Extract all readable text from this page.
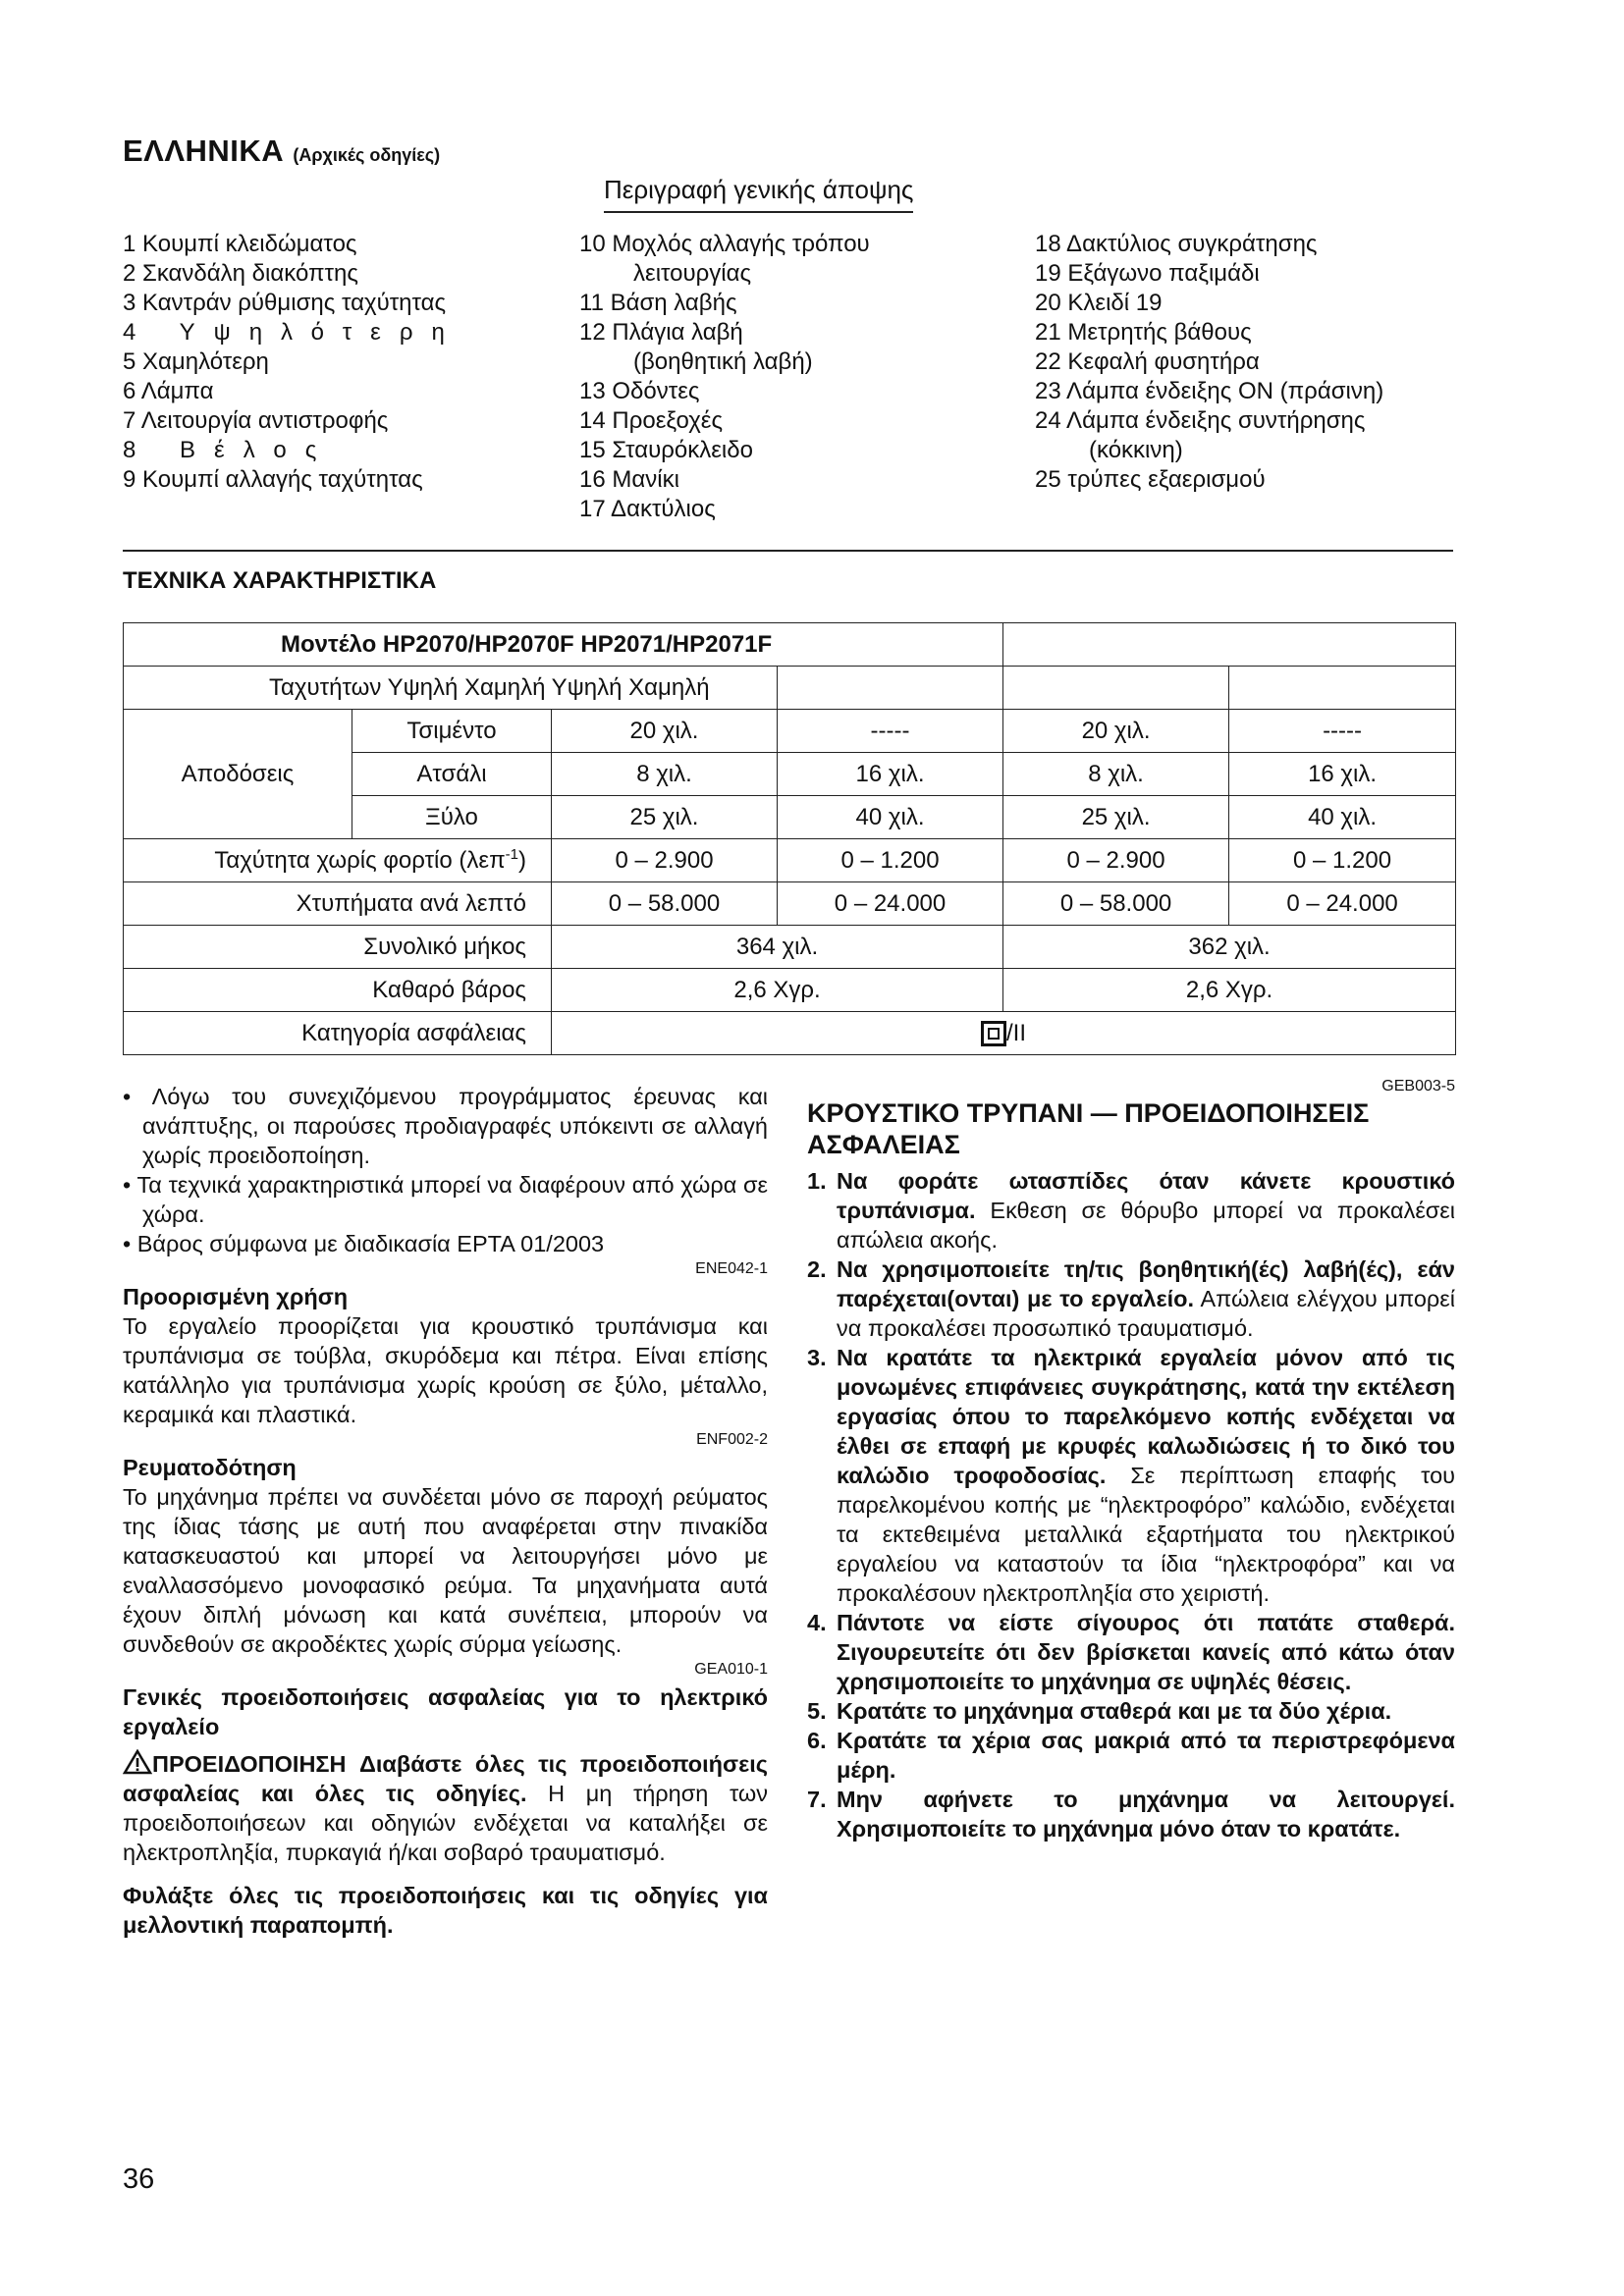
ΕΛΛΗΝΙΚΑ (Αρχικές οδηγίες)
Περιγραφή γενικής άποψης
1 Κουμπί κλειδώματος
2 Σκανδάλη διακόπτης
3 Καντράν ρύθμισης ταχύτητας
4 Υψηλότερη
5 Χαμηλότερη
6 Λάμπα
7 Λειτουργία αντιστροφής
8 Βέλος
9 Κουμπί αλλαγής ταχύτητας
10 Μοχλός αλλαγής τρόπου
λειτουργίας
11 Βάση λαβής
12 Πλάγια λαβή
(βοηθητική λαβή)
13 Οδόντες
14 Προεξοχές
15 Σταυρόκλειδο
16 Μανίκι
17 Δακτύλιος
18 Δακτύλιος συγκράτησης
19 Εξάγωνο παξιμάδι
20 Κλειδί 19
21 Μετρητής βάθους
22 Κεφαλή φυσητήρα
23 Λάμπα ένδειξης ON (πράσινη)
24 Λάμπα ένδειξης συντήρησης
(κόκκινη)
25 τρύπες εξαερισμού
ΤΕΧΝΙΚΑ ΧΑΡΑΚΤΗΡΙΣΤΙΚΑ
Μοντέλο HP2070/HP2070F HP2071/HP2071F					
Ταχυτήτων Υψηλή Χαμηλή Υψηλή Χαμηλή					
Αποδόσεις	Τσιμέντο	20 χιλ.	-----	20 χιλ.	-----
	Ατσάλι	8 χιλ.	16 χιλ.	8 χιλ.	16 χιλ.
	Ξύλο	25 χιλ.	40 χιλ.	25 χιλ.	40 χιλ.
Ταχύτητα χωρίς φορτίο (λεπ$^{-1}$)		0 – 2.900	0 – 1.200	0 – 2.900	0 – 1.200
Χτυπήματα ανά λεπτό		0 – 58.000	0 – 24.000	0 – 58.000	0 – 24.000
Συνολικό μήκος		364 χιλ.		362 χιλ.	
Καθαρό βάρος		2,6 Χγρ.		2,6 Χγρ.	
Κατηγορία ασφάλειας		/II			

• Λόγω του συνεχιζόμενου προγράμματος έρευνας και ανάπτυξης, οι παρούσες προδιαγραφές υπόκειντι σε αλλαγή χωρίς προειδοποίηση.

• Τα τεχνικά χαρακτηριστικά μπορεί να διαφέρουν από χώρα σε χώρα.

• Βάρος σύμφωνα με διαδικασία EPTA 01/2003

ENE042-1

Προορισμένη χρήση

Το εργαλείο προορίζεται για κρουστικό τρυπάνισμα και τρυπάνισμα σε τούβλα, σκυρόδεμα και πέτρα. Είναι επίσης κατάλληλο για τρυπάνισμα χωρίς κρούση σε ξύλο, μέταλλο, κεραμικά και πλαστικά.

ENF002-2

Ρευματοδότηση

Το μηχάνημα πρέπει να συνδέεται μόνο σε παροχή ρεύματος της ίδιας τάσης με αυτή που αναφέρεται στην πινακίδα κατασκευαστού και μπορεί να λειτουργήσει μόνο με εναλλασσόμενο μονοφασικό ρεύμα. Τα μηχανήματα αυτά έχουν διπλή μόνωση και κατά συνέπεια, μπορούν να συνδεθούν σε ακροδέκτες χωρίς σύρμα γείωσης.

GEA010-1

Γενικές προειδοποιήσεις ασφαλείας για το ηλεκτρικό εργαλείο

ΠΡΟΕΙΔΟΠΟΙΗΣΗ Διαβάστε όλες τις προειδοποιήσεις ασφαλείας και όλες τις οδηγίες. Η μη τήρηση των προειδοποιήσεων και οδηγιών ενδέχεται να καταλήξει σε ηλεκτροπληξία, πυρκαγιά ή/και σοβαρό τραυματισμό.

Φυλάξτε όλες τις προειδοποιήσεις και τις οδηγίες για μελλοντική παραπομπή.

GEB003-5

ΚΡΟΥΣΤΙΚΟ ΤΡΥΠΑΝΙ — ΠΡΟΕΙΔΟΠΟΙΗΣΕΙΣ ΑΣΦΑΛΕΙΑΣ

1. Να φοράτε ωτασπίδες όταν κάνετε κρουστικό τρυπάνισμα. Εκθεση σε θόρυβο μπορεί να προκαλέσει απώλεια ακοής.
2. Να χρησιμοποιείτε τη/τις βοηθητική(ές) λαβή(ές), εάν παρέχεται(ονται) με το εργαλείο. Απώλεια ελέγχου μπορεί να προκαλέσει προσωπικό τραυματισμό.
3. Να κρατάτε τα ηλεκτρικά εργαλεία μόνον από τις μονωμένες επιφάνειες συγκράτησης, κατά την εκτέλεση εργασίας όπου το παρελκόμενο κοπής ενδέχεται να έλθει σε επαφή με κρυφές καλωδιώσεις ή το δικό του καλώδιο τροφοδοσίας. Σε περίπτωση επαφής του παρελκομένου κοπής με “ηλεκτροφόρο” καλώδιο, ενδέχεται τα εκτεθειμένα μεταλλικά εξαρτήματα του ηλεκτρικού εργαλείου να καταστούν τα ίδια “ηλεκτροφόρα” και να προκαλέσουν ηλεκτροπληξία στο χειριστή.
4. Πάντοτε να είστε σίγουρος ότι πατάτε σταθερά. Σιγουρευτείτε ότι δεν βρίσκεται κανείς από κάτω όταν χρησιμοποιείτε το μηχάνημα σε υψηλές θέσεις.
5. Κρατάτε το μηχάνημα σταθερά και με τα δύο χέρια.
6. Κρατάτε τα χέρια σας μακριά από τα περιστρεφόμενα μέρη.
7. Μην αφήνετε το μηχάνημα να λειτουργεί. Χρησιμοποιείτε το μηχάνημα μόνο όταν το κρατάτε.
36
